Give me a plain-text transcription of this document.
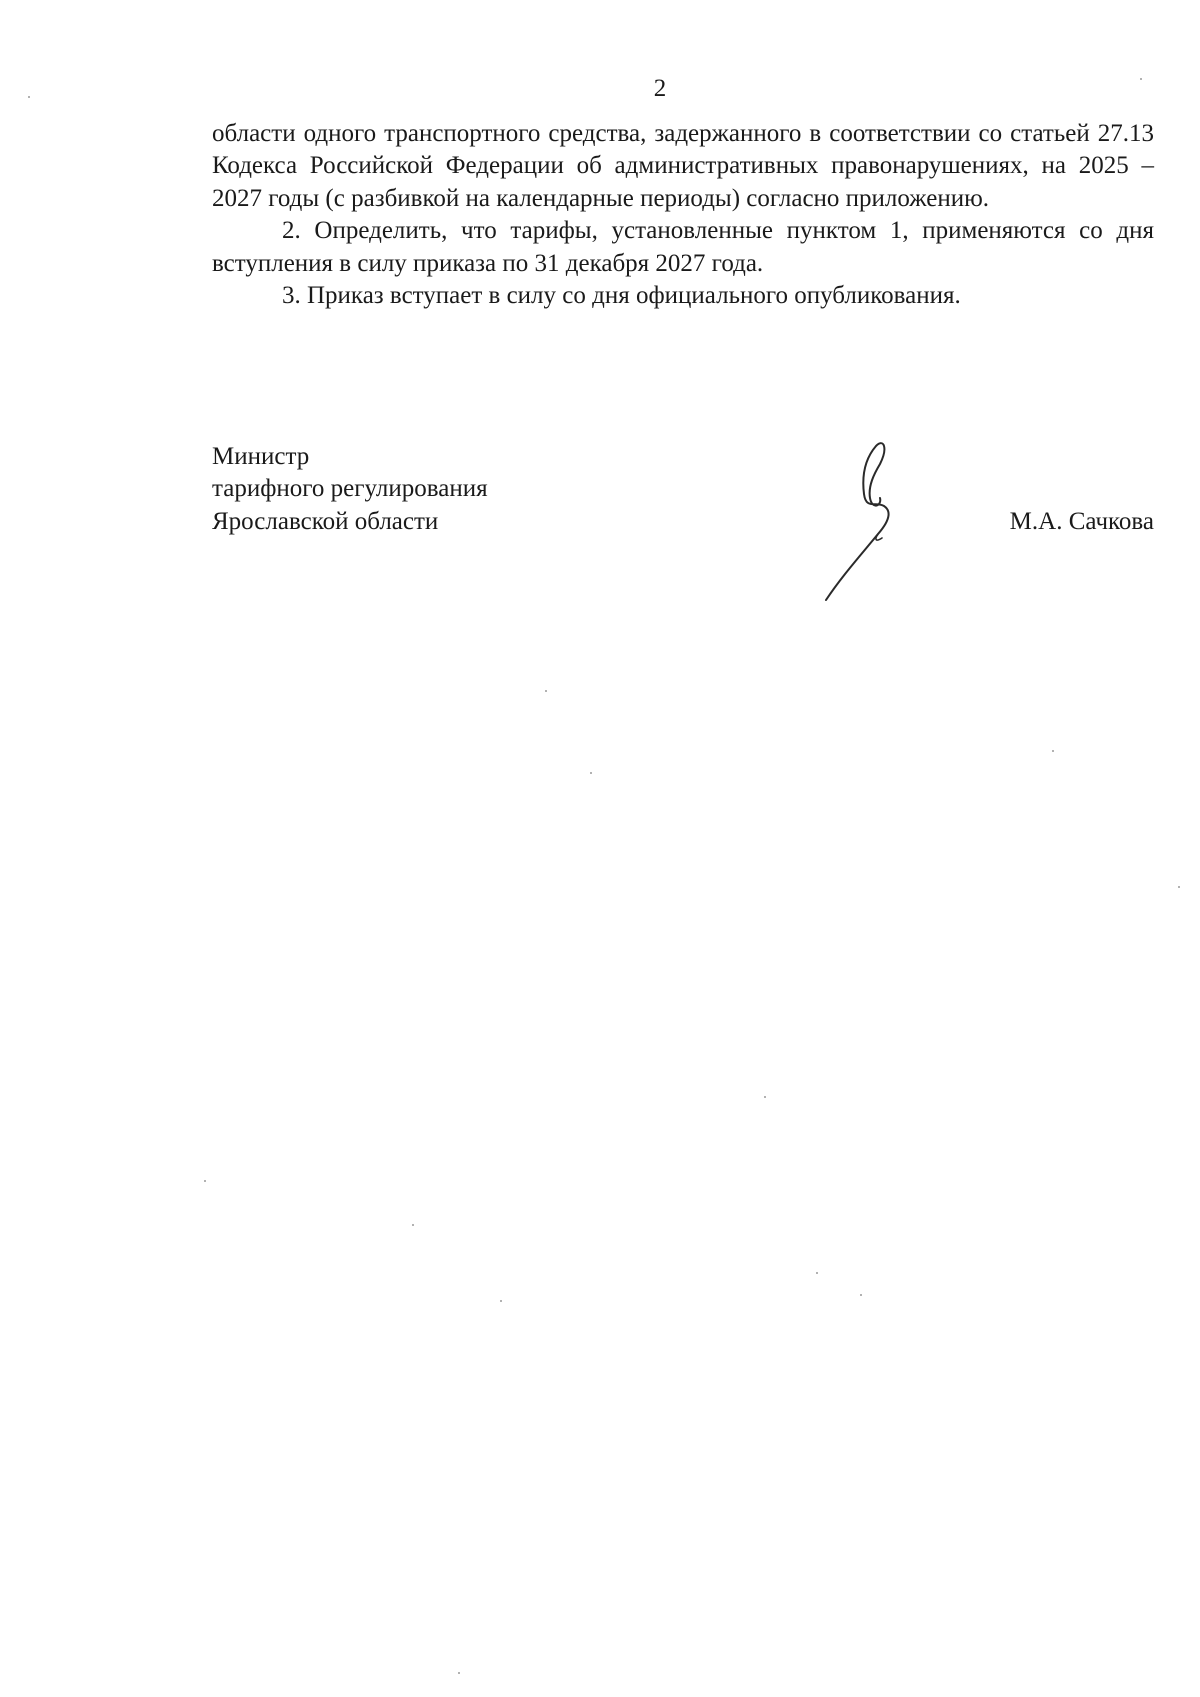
2

области одного транспортного средства, задержанного в соответствии со статьей 27.13 Кодекса Российской Федерации об административных правонарушениях, на 2025 – 2027 годы (с разбивкой на календарные периоды) согласно приложению.

2. Определить, что тарифы, установленные пунктом 1, применяются со дня вступления в силу приказа по 31 декабря 2027 года.

3. Приказ вступает в силу со дня официального опубликования.

Министр
тарифного регулирования
Ярославской области	М.А. Сачкова
